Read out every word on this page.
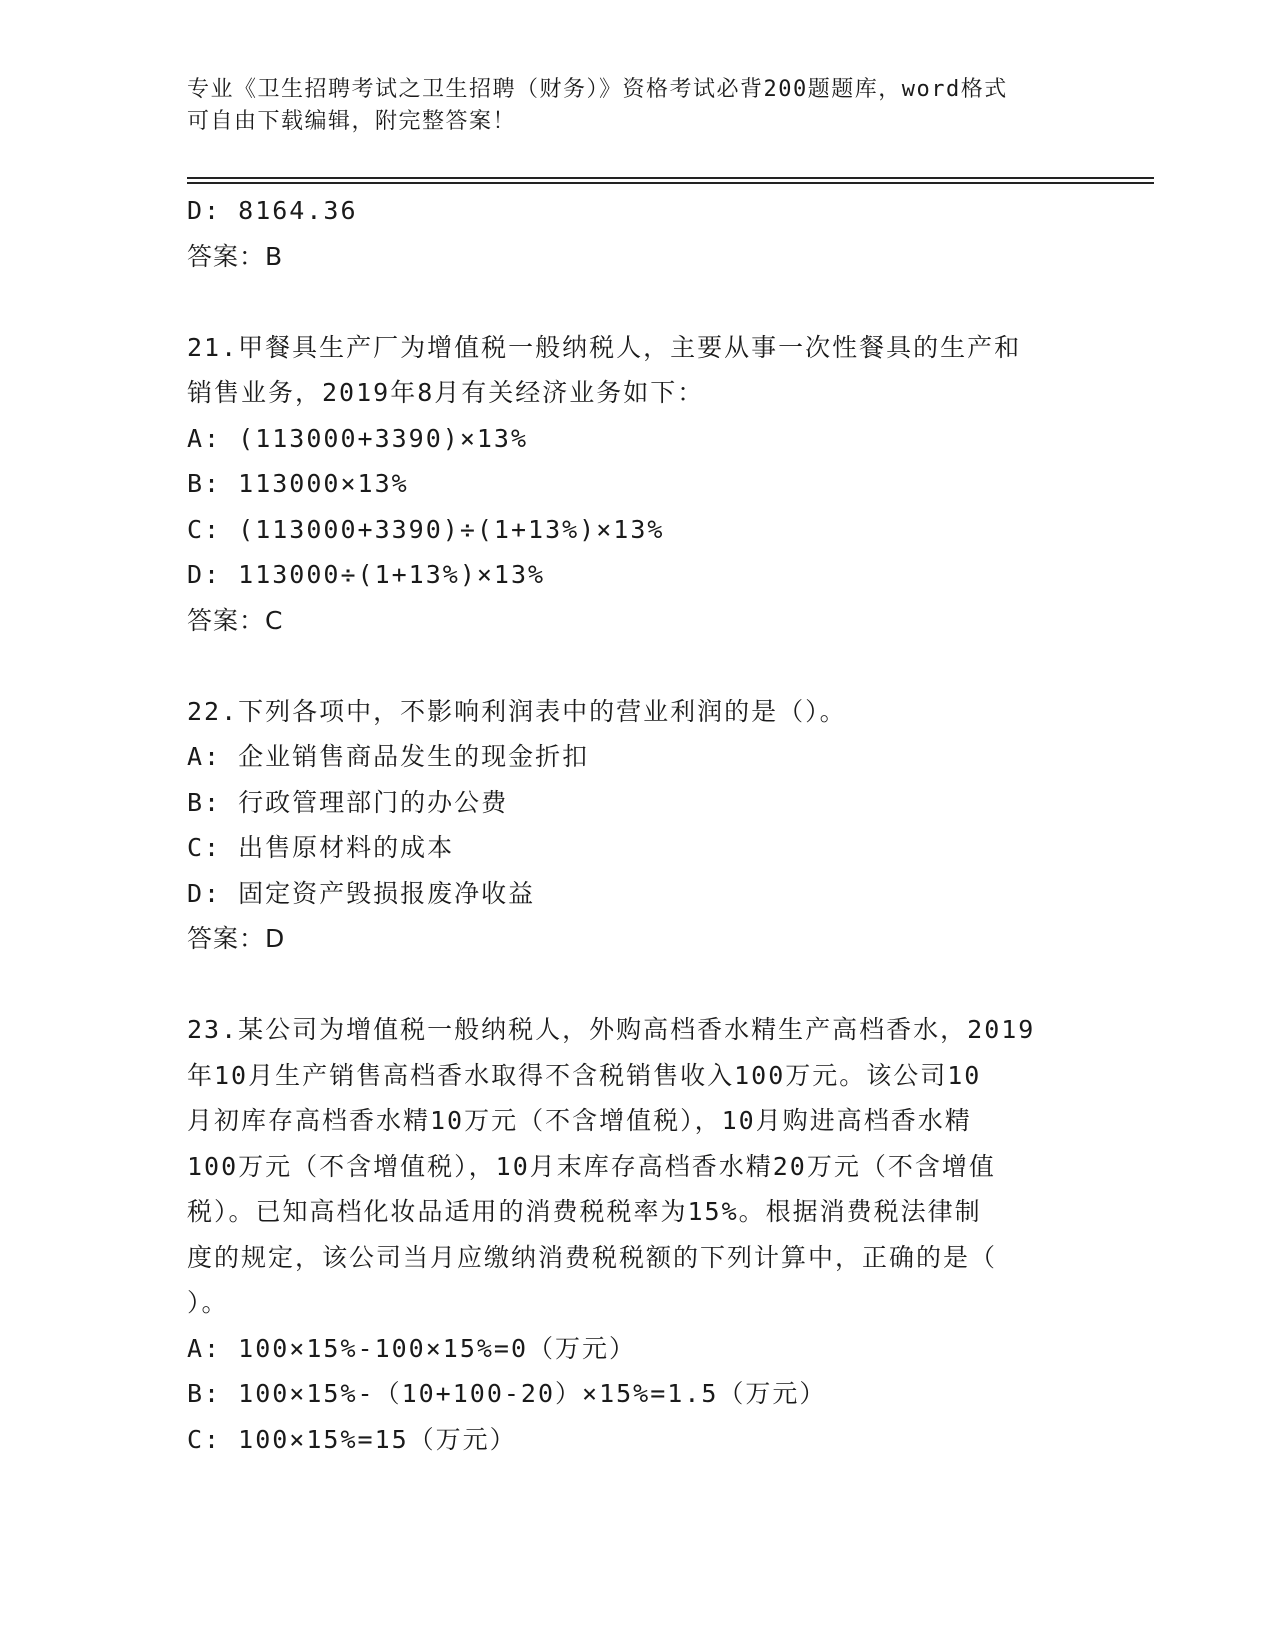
专业《卫生招聘考试之卫生招聘（财务）》资格考试必背200题题库，word格式
可自由下载编辑，附完整答案！
D: 8164.36
答案：B
21.甲餐具生产厂为增值税一般纳税人，主要从事一次性餐具的生产和
销售业务，2019年8月有关经济业务如下：
A: (113000+3390)×13%
B: 113000×13%
C: (113000+3390)÷(1+13%)×13%
D: 113000÷(1+13%)×13%
答案：C
22.下列各项中，不影响利润表中的营业利润的是（）。
A: 企业销售商品发生的现金折扣
B: 行政管理部门的办公费
C: 出售原材料的成本
D: 固定资产毁损报废净收益
答案：D
23.某公司为增值税一般纳税人，外购高档香水精生产高档香水，2019
年10月生产销售高档香水取得不含税销售收入100万元。该公司10
月初库存高档香水精10万元（不含增值税），10月购进高档香水精
100万元（不含增值税），10月末库存高档香水精20万元（不含增值
税）。已知高档化妆品适用的消费税税率为15%。根据消费税法律制
度的规定，该公司当月应缴纳消费税税额的下列计算中，正确的是（
）。
A: 100×15%-100×15%=0（万元）
B: 100×15%-（10+100-20）×15%=1.5（万元）
C: 100×15%=15（万元）
